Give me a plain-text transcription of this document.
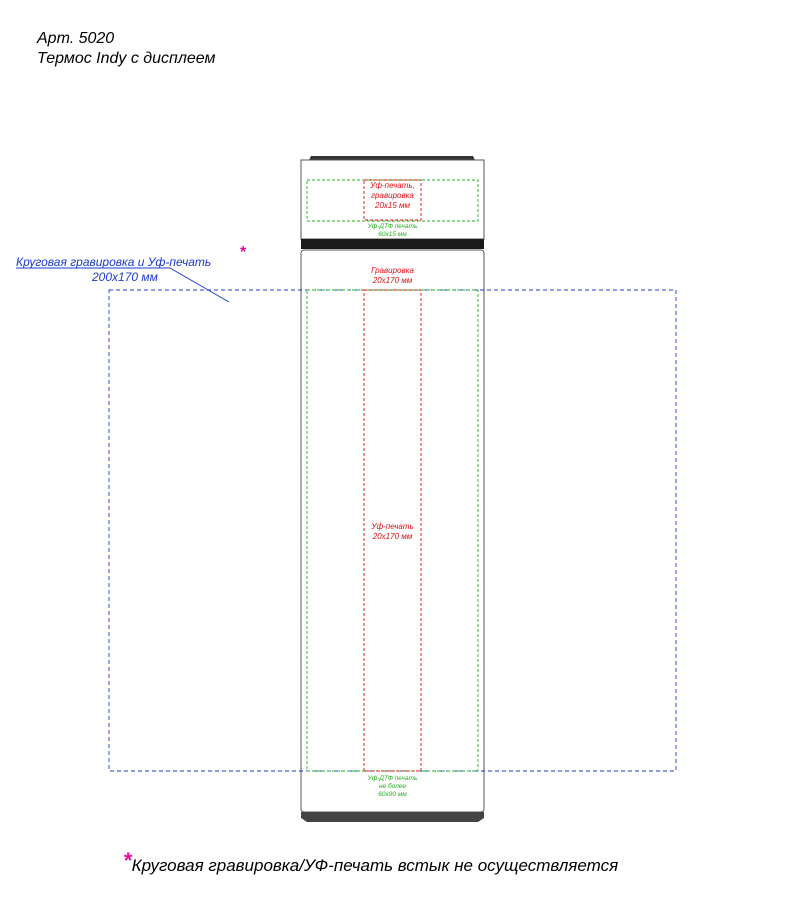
Арт. 5020
Термос Indy с дисплеем
Уф-печать,
гравировка
20х15 мм
Уф-ДТФ печать
60х15 мм
Гравировка
20х170 мм
Уф-печать
20х170 мм
Уф-ДТФ печать
не более
60х90 мм
Круговая гравировка и Уф-печать
*
200х170 мм
*Круговая гравировка/УФ-печать встык не осуществляется
